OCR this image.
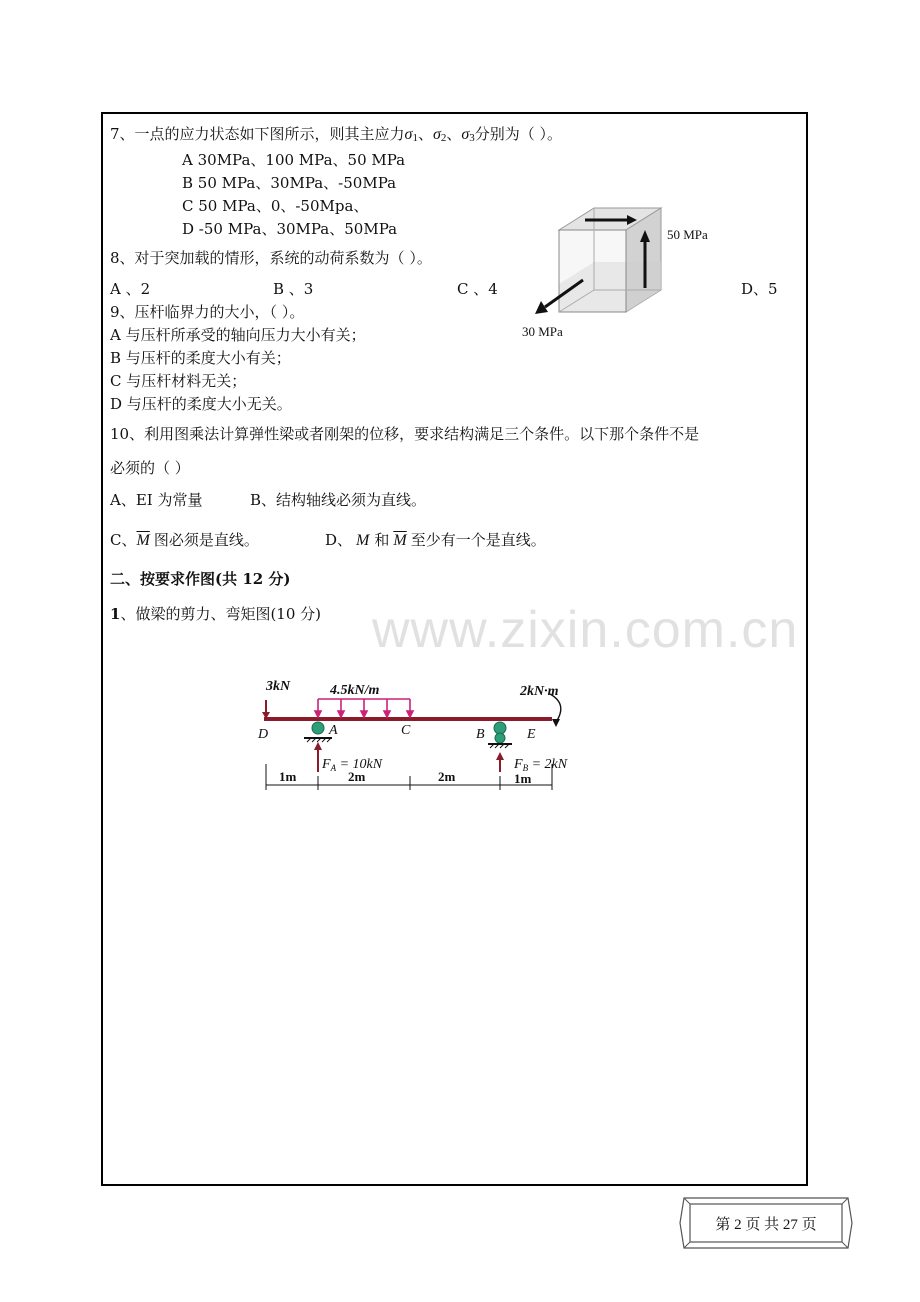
www.zixin.com.cn
7、一点的应力状态如下图所示，则其主应力σ1、σ2、σ3分别为（ ）。
A 30MPa、100 MPa、50 MPa
B 50 MPa、30MPa、-50MPa
C 50 MPa、0、-50Mpa、
D -50 MPa、30MPa、50MPa	50 MPa
30 MPa
8、对于突加载的情形，系统的动荷系数为（ ）。
A 、2	B 、3	C 、4	D、5
9、压杆临界力的大小，（ ）。
A 与压杆所承受的轴向压力大小有关；
B 与压杆的柔度大小有关；
C 与压杆材料无关；
D 与压杆的柔度大小无关。
10、利用图乘法计算弹性梁或者刚架的位移，要求结构满足三个条件。以下那个条件不是
必须的（ ）
A、EI 为常量	B、结构轴线必须为直线。
C、$\overline{M}$ 图必须是直线。	D、 M 和 $\overline{M}$ 至少有一个是直线。
二、按要求作图(共 12 分)
1、做梁的剪力、弯矩图(10 分)
3kN	4.5kN/m	2kN·m
$F_A = 10kN$	$F_B = 2kN$
D	A	C	B	E
1m	2m	2m	1m
第 2 页 共 27 页
